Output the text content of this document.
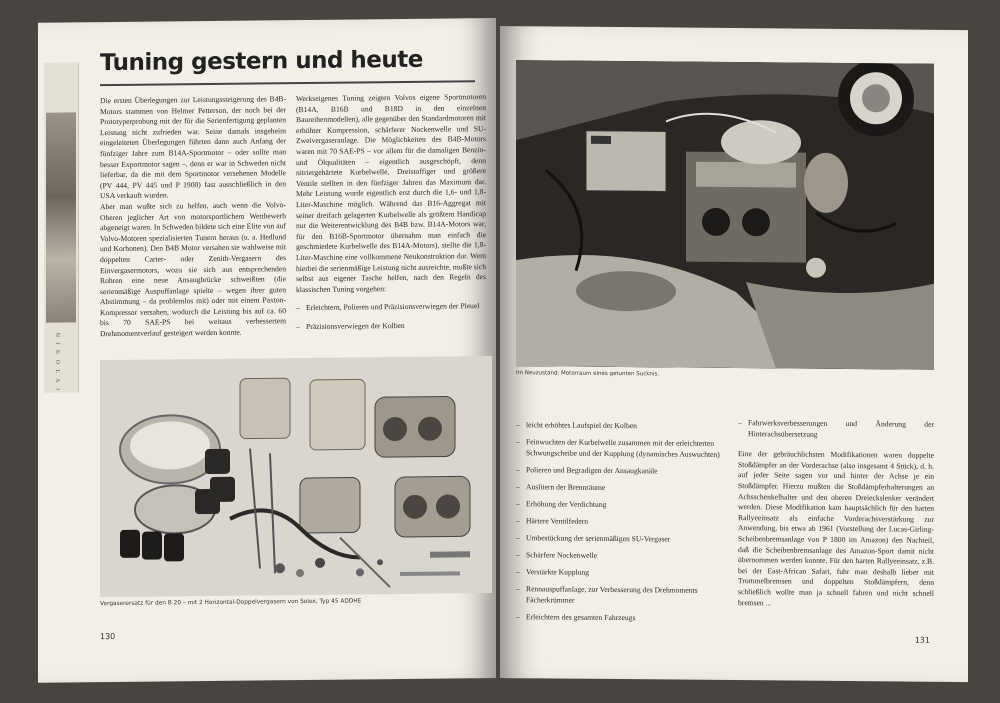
N I K O L A J
Tuning gestern und heute

Die ersten Überlegungen zur Leistungssteigerung des B4B-Motors stammen von Helmer Petterson, der noch bei der Prototyperprobung mit der für die Serienfertigung geplanten Leistung nicht zufrieden war. Seine damals insgeheim eingeleiteten Überlegungen führten dann auch Anfang der fünfziger Jahre zum B14A-Sportmotor – oder sollte man besser Exportmotor sagen –, denn er war in Schweden nicht lieferbar, da die mit dem Sportmotor versehenen Modelle (PV 444, PV 445 und P 1900) fast ausschließlich in den USA verkauft wurden.
Aber man wußte sich zu helfen, auch wenn die Volvo-Oberen jeglicher Art von motorsportlichem Wettbewerb abgeneigt waren. In Schweden bildete sich eine Elite von auf Volvo-Motoren spezialisierten Tunern heraus (u. a. Hedlund und Korhonen). Den B4B Motor versahen sie wahlweise mit doppelten Carter- oder Zenith-Vergasern des Einvergasermotors, wozu sie sich aus entsprechenden Rohren eine neue Ansaugbrücke schweißten (die serienmäßige Auspuffanlage spielte – wegen ihrer guten Abstimmung – da problemlos mit) oder mit einem Paxton-Kompressor versahen, wodurch die Leistung bis auf ca. 60 bis 70 SAE-PS bei weitaus verbessertem Drehmomentverlauf gesteigert werden konnte.

Werkseigenes Tuning zeigten Volvos eigene Sportmotoren (B14A, B16B und B18D in den einzelnen Baureihenmodellen), alle gegenüber den Standardmotoren mit erhöhter Kompression, schärferer Nockenwelle und SU-Zweivergaseranlage. Die Möglichkeiten des B4B-Motors waren mit 70 SAE-PS – vor allem für die damaligen Benzin- und Ölqualitäten – eigentlich ausgeschöpft, denn nitriergehärtete Kurbelwelle, Dreistoffiger und größere Ventile stellten in den fünfziger Jahren das Maximum dar. Mehr Leistung wurde eigentlich erst durch die 1,6- und 1,8-Liter-Maschine möglich. Während das B16-Aggregat mit seiner dreifach gelagerten Kurbelwelle als größtem Handicap nur die Weiterentwicklung des B4B bzw. B14A-Motors war, für den B16B-Sportmotor übernahm man einfach die geschmiedete Kurbelwelle des B14A-Motors), stellte die 1,8-Liter-Maschine eine vollkommene Neukonstruktion dar. Wem hierbei die serienmäßige Leistung nicht ausreichte, mußte sich selbst aus eigener Tasche helfen, nach den Regeln des klassischen Tuning vorgehen:

– Erleichtern, Polieren und Präzisionsverwiegen der Pleuel
– Präzisionsverwiegen der Kolben
Vergaserersatz für den B 20 – mit 2 Horizontal-Doppelvergasern von Solex, Typ 45 ADDHE
130
Im Neuzustand: Motorraum eines getunten Sucknis.
– leicht erhöhtes Laufspiel der Kolben
– Feinwuchten der Kurbelwelle zusammen mit der erleichterten Schwungscheibe und der Kupplung (dynamisches Auswuchten)
– Polieren und Begradigen der Ansaugkanäle
– Auslitern der Brennräume
– Erhöhung der Verdichtung
– Härtere Ventilfedern
– Umbestückung der serienmäßigen SU-Vergaser
– Schärfere Nockenwelle
– Verstärkte Kupplung
– Rennauspuffanlage, zur Verbesserung des Drehmoments Fächerkrümmer
– Erleichtern des gesamten Fahrzeugs
– Fahrwerksverbesserungen und Änderung der Hinterachsübersetzung

Eine der gebräuchlichsten Modifikationen waren doppelte Stoßdämpfer an der Vorderachse (also insgesamt 4 Stück), d. h. auf jeder Seite sagen vor und hinter der Achse je ein Stoßdämpfer. Hierzu mußten die Stoßdämpferhalterungen an Achsschenkelhalter und den oberen Dreieckslenker verändert werden. Diese Modifikation kam hauptsächlich für den harten Rallyeeinsatz als einfache Vorderachsverstärkung zur Anwendung, bis etwa ab 1961 (Vorstellung der Lucas-Girling-Scheibenbremsanlage von P 1800 im Amazon) den Nachteil, daß die Scheibenbremsanlage des Amazon-Sport damit nicht übernommen werden konnte. Für den harten Rallyeeinsatz, z.B. bei der East-African Safari, fuhr man deshalb lieber mit Trommelbremsen und doppelten Stoßdämpfern, denn schließlich wollte man ja schnell fahren und nicht schnell bremsen ...

131
